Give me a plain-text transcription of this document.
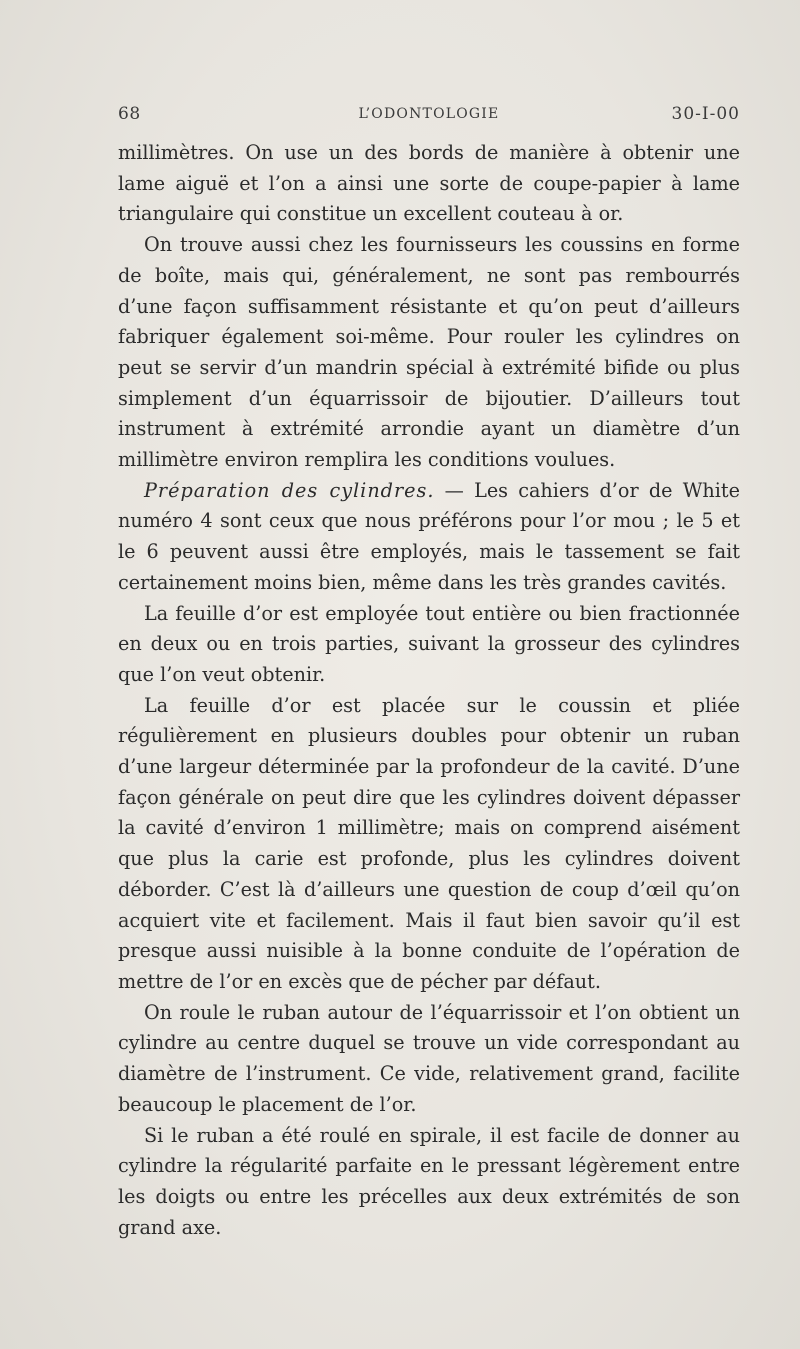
68	L’ODONTOLOGIE	30-I-00

millimètres. On use un des bords de manière à obtenir une lame aiguë et l’on a ainsi une sorte de coupe-papier à lame triangulaire qui constitue un excellent couteau à or.

On trouve aussi chez les fournisseurs les coussins en forme de boîte, mais qui, généralement, ne sont pas rembourrés d’une façon suffisamment résistante et qu’on peut d’ailleurs fabriquer également soi-même. Pour rouler les cylindres on peut se servir d’un mandrin spécial à extrémité bifide ou plus simplement d’un équarrissoir de bijoutier. D’ailleurs tout instrument à extrémité arrondie ayant un diamètre d’un millimètre environ remplira les conditions voulues.

Préparation des cylindres. — Les cahiers d’or de White numéro 4 sont ceux que nous préférons pour l’or mou ; le 5 et le 6 peuvent aussi être employés, mais le tassement se fait certainement moins bien, même dans les très grandes cavités.

La feuille d’or est employée tout entière ou bien fractionnée en deux ou en trois parties, suivant la grosseur des cylindres que l’on veut obtenir.

La feuille d’or est placée sur le coussin et pliée régulièrement en plusieurs doubles pour obtenir un ruban d’une largeur déterminée par la profondeur de la cavité. D’une façon générale on peut dire que les cylindres doivent dépasser la cavité d’environ 1 millimètre; mais on comprend aisément que plus la carie est profonde, plus les cylindres doivent déborder. C’est là d’ailleurs une question de coup d’œil qu’on acquiert vite et facilement. Mais il faut bien savoir qu’il est presque aussi nuisible à la bonne conduite de l’opération de mettre de l’or en excès que de pécher par défaut.

On roule le ruban autour de l’équarrissoir et l’on obtient un cylindre au centre duquel se trouve un vide correspondant au diamètre de l’instrument. Ce vide, relativement grand, facilite beaucoup le placement de l’or.

Si le ruban a été roulé en spirale, il est facile de donner au cylindre la régularité parfaite en le pressant légèrement entre les doigts ou entre les précelles aux deux extrémités de son grand axe.
